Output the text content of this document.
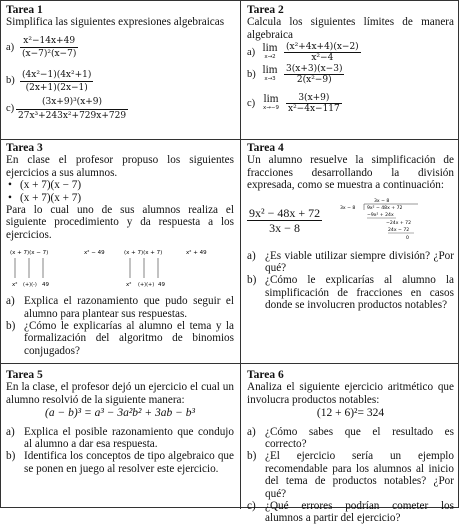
Tarea 1
Simplifica las siguientes expresiones algebraicas
$a) \frac{\text{x²−14x+49}}{\text{(x−7)²(x−7)}}$
$b) \frac{\text{(4x²−1)(4x²+1)}}{(2x+1)(2x-1)}$
$c) \frac{\text{(3x+9)³(x+9)}}{\text{27x³+243x²+729x+729}}$
Tarea 2
Calcula los siguientes límites de manera algebraica
a) lim
$x\to 2 \frac{\text{(x²+4x+4)(x−2)}}{\text{x²−4}}$
b) lim
$x\to 3 \frac{3(x+3)(x-3)}{\text{2(x²−9)}}$
c) lim
$x\to-9 \frac{3(x+9)}{\text{x²−4x−117}}$
Tarea 3
En clase el profesor propuso los siguientes ejercicios a sus alumnos.
• (x + 7)(x − 7)
• (x + 7)(x + 7)
Para lo cual uno de sus alumnos realiza el siguiente procedimiento y da respuesta a los ejercicios.
(x + 7)(x − 7)	x² − 49
x² (+)(-) 49
(x + 7)(x + 7)	x² + 49
x² (+)(+) 49
a) Explica el razonamiento que pudo seguir el alumno para plantear sus respuestas.
b) ¿Cómo le explicarías al alumno el tema y la formalización del algoritmo de binomios conjugados?
Tarea 4
Un alumno resuelve la simplificación de fracciones desarrollando la división expresada, como se muestra a continuación:
$\frac{\text{9x² − 48x + 72}}{3x - 8}$
3x − 8
3x − 8	9x² − 48x + 72
−9x² + 24x
−24x + 72
24x − 72
0
a) ¿Es viable utilizar siempre división? ¿Por qué?
b) ¿Cómo le explicarías al alumno la simplificación de fracciones en casos donde se involucren productos notables?
Tarea 5
En la clase, el profesor dejó un ejercicio el cual un alumno resolvió de la siguiente manera:
(a − b)³ = a³ − 3a²b² + 3ab − b³
a) Explica el posible razonamiento que condujo al alumno a dar esa respuesta.
b) Identifica los conceptos de tipo algebraico que se ponen en juego al resolver este ejercicio.
Tarea 6
Analiza el siguiente ejercicio aritmético que involucra productos notables:
(12 + 6)²= 324
a) ¿Cómo sabes que el resultado es correcto?
b) ¿El ejercicio sería un ejemplo recomendable para los alumnos al inicio del tema de productos notables? ¿Por qué?
c) ¿Qué errores podrían cometer los alumnos a partir del ejercicio?
